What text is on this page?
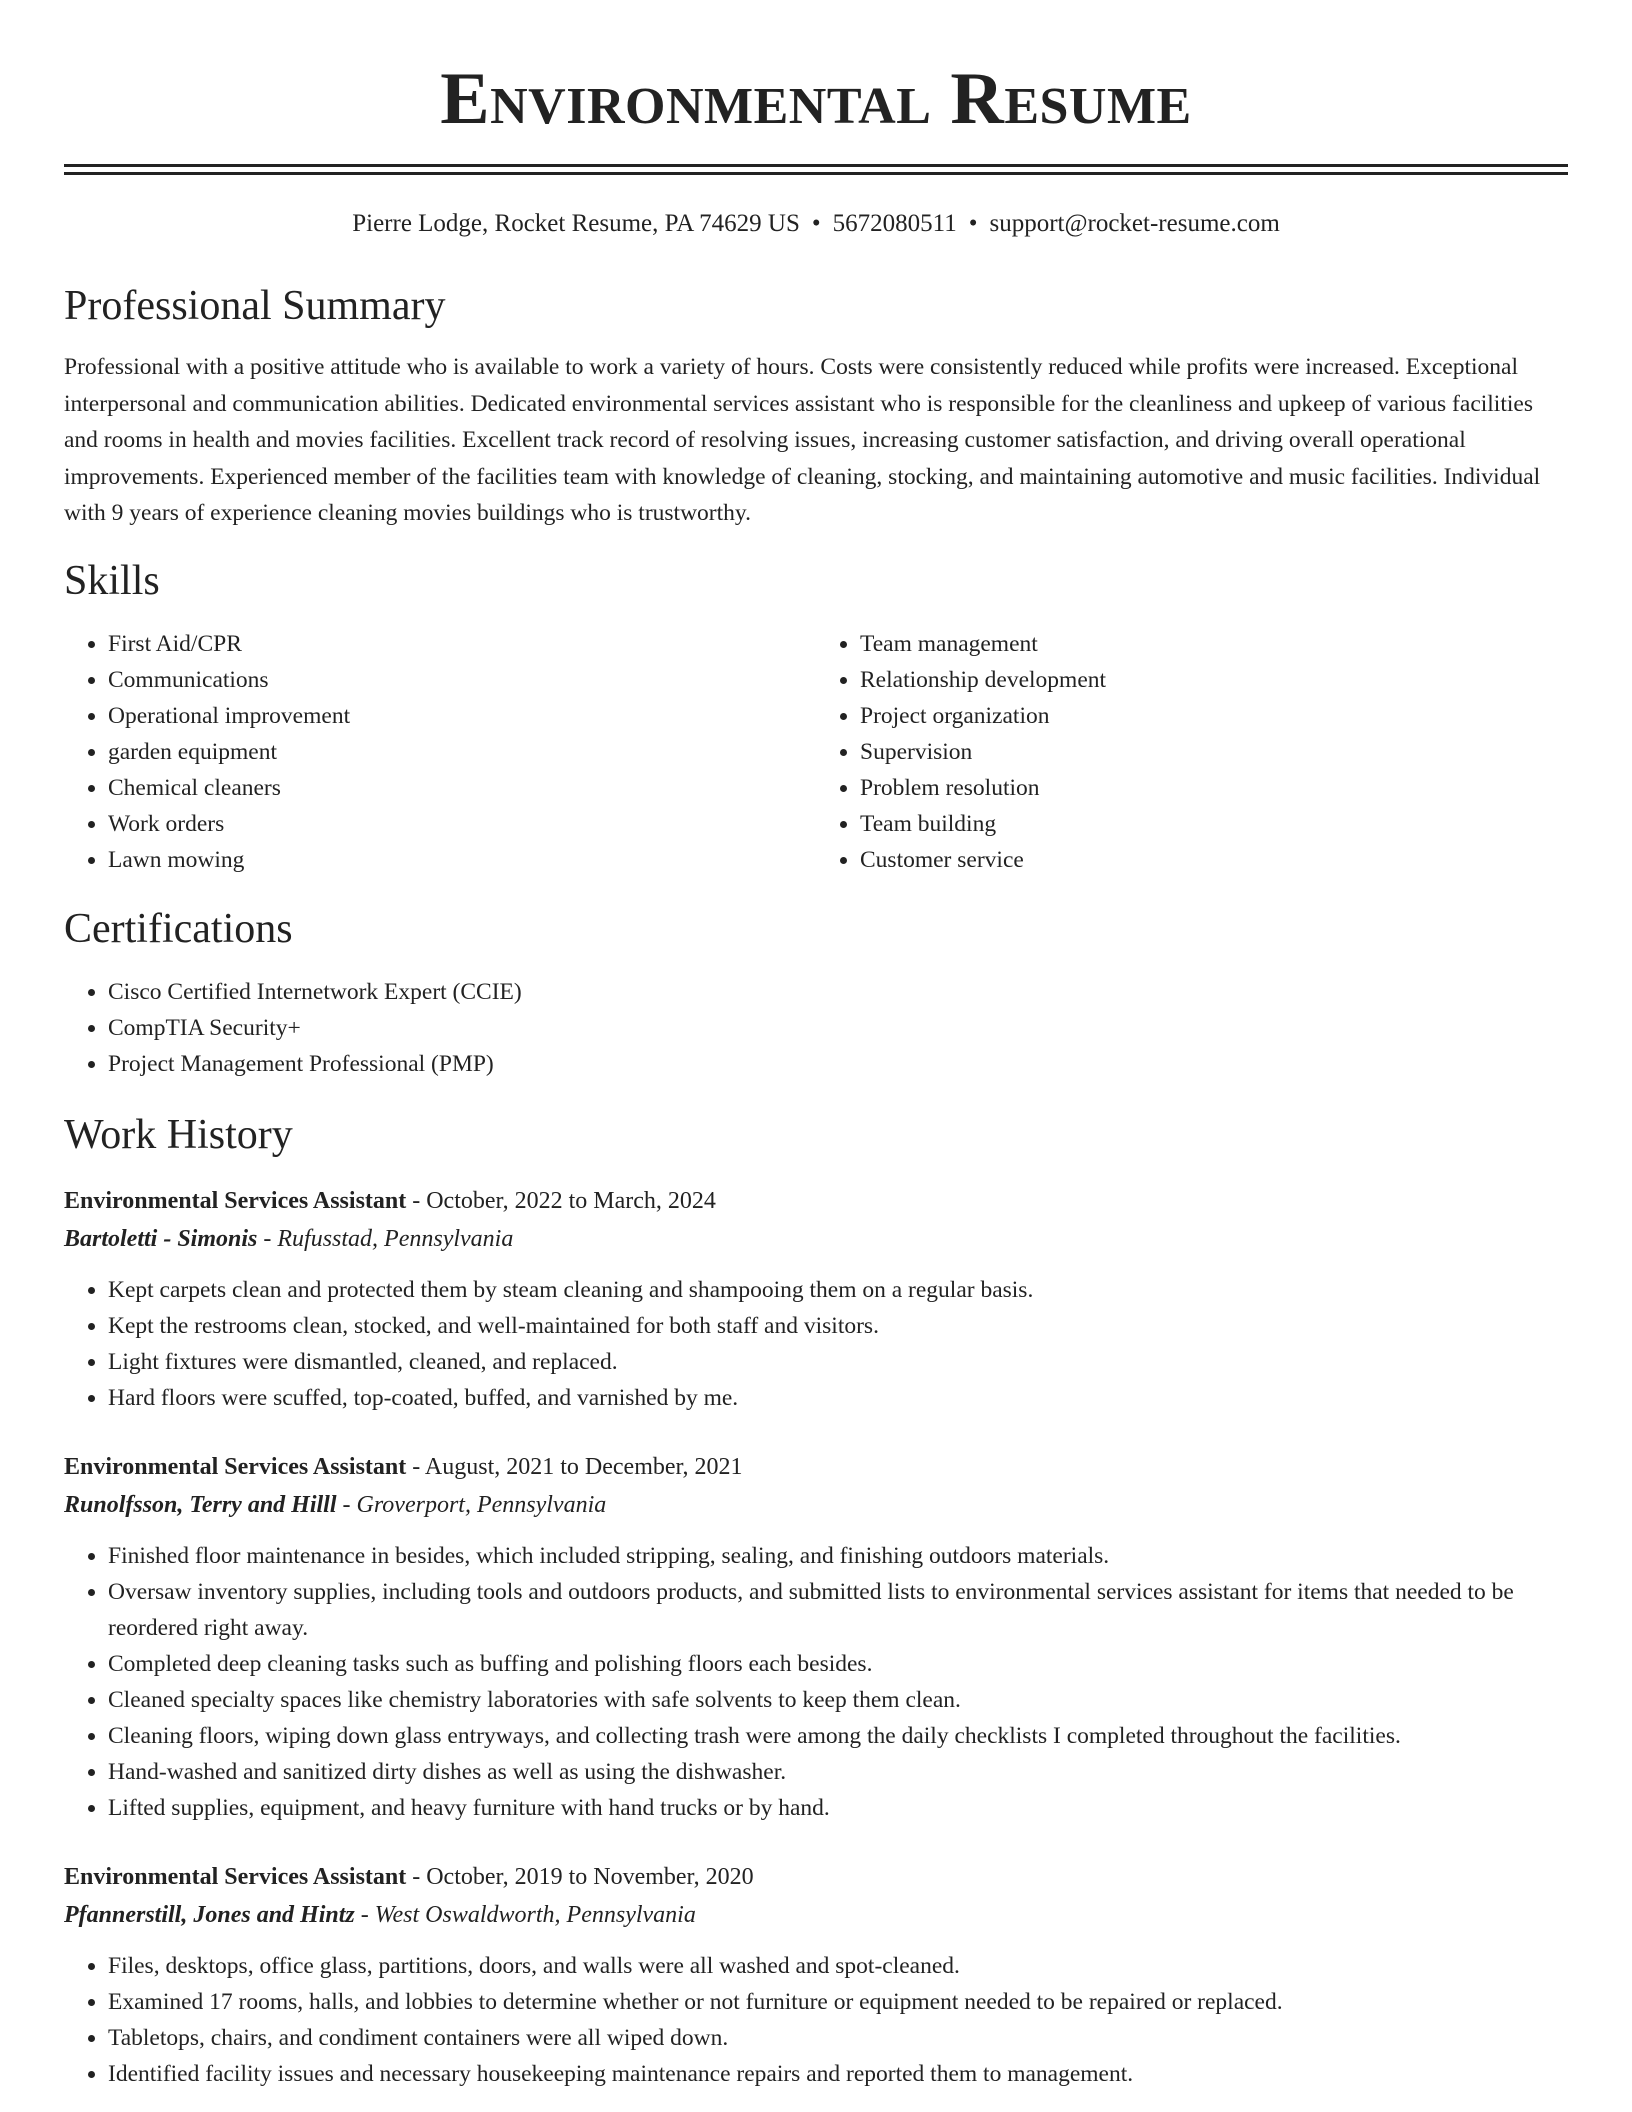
Environmental Resume
Pierre Lodge, Rocket Resume, PA 74629 US • 5672080511 • support@rocket-resume.com
Professional Summary

Professional with a positive attitude who is available to work a variety of hours. Costs were consistently reduced while profits were increased. Exceptional interpersonal and communication abilities. Dedicated environmental services assistant who is responsible for the cleanliness and upkeep of various facilities and rooms in health and movies facilities. Excellent track record of resolving issues, increasing customer satisfaction, and driving overall operational improvements. Experienced member of the facilities team with knowledge of cleaning, stocking, and maintaining automotive and music facilities. Individual with 9 years of experience cleaning movies buildings who is trustworthy.

Skills
• First Aid/CPR
• Communications
• Operational improvement
• garden equipment
• Chemical cleaners
• Work orders
• Lawn mowing
• Team management
• Relationship development
• Project organization
• Supervision
• Problem resolution
• Team building
• Customer service
Certifications
• Cisco Certified Internetwork Expert (CCIE)
• CompTIA Security+
• Project Management Professional (PMP)
Work History
Environmental Services Assistant - October, 2022 to March, 2024
Bartoletti - Simonis - Rufusstad, Pennsylvania
• Kept carpets clean and protected them by steam cleaning and shampooing them on a regular basis.
• Kept the restrooms clean, stocked, and well-maintained for both staff and visitors.
• Light fixtures were dismantled, cleaned, and replaced.
• Hard floors were scuffed, top-coated, buffed, and varnished by me.
Environmental Services Assistant - August, 2021 to December, 2021
Runolfsson, Terry and Hilll - Groverport, Pennsylvania
• Finished floor maintenance in besides, which included stripping, sealing, and finishing outdoors materials.
• Oversaw inventory supplies, including tools and outdoors products, and submitted lists to environmental services assistant for items that needed to be reordered right away.
• Completed deep cleaning tasks such as buffing and polishing floors each besides.
• Cleaned specialty spaces like chemistry laboratories with safe solvents to keep them clean.
• Cleaning floors, wiping down glass entryways, and collecting trash were among the daily checklists I completed throughout the facilities.
• Hand-washed and sanitized dirty dishes as well as using the dishwasher.
• Lifted supplies, equipment, and heavy furniture with hand trucks or by hand.
Environmental Services Assistant - October, 2019 to November, 2020
Pfannerstill, Jones and Hintz - West Oswaldworth, Pennsylvania
• Files, desktops, office glass, partitions, doors, and walls were all washed and spot-cleaned.
• Examined 17 rooms, halls, and lobbies to determine whether or not furniture or equipment needed to be repaired or replaced.
• Tabletops, chairs, and condiment containers were all wiped down.
• Identified facility issues and necessary housekeeping maintenance repairs and reported them to management.
